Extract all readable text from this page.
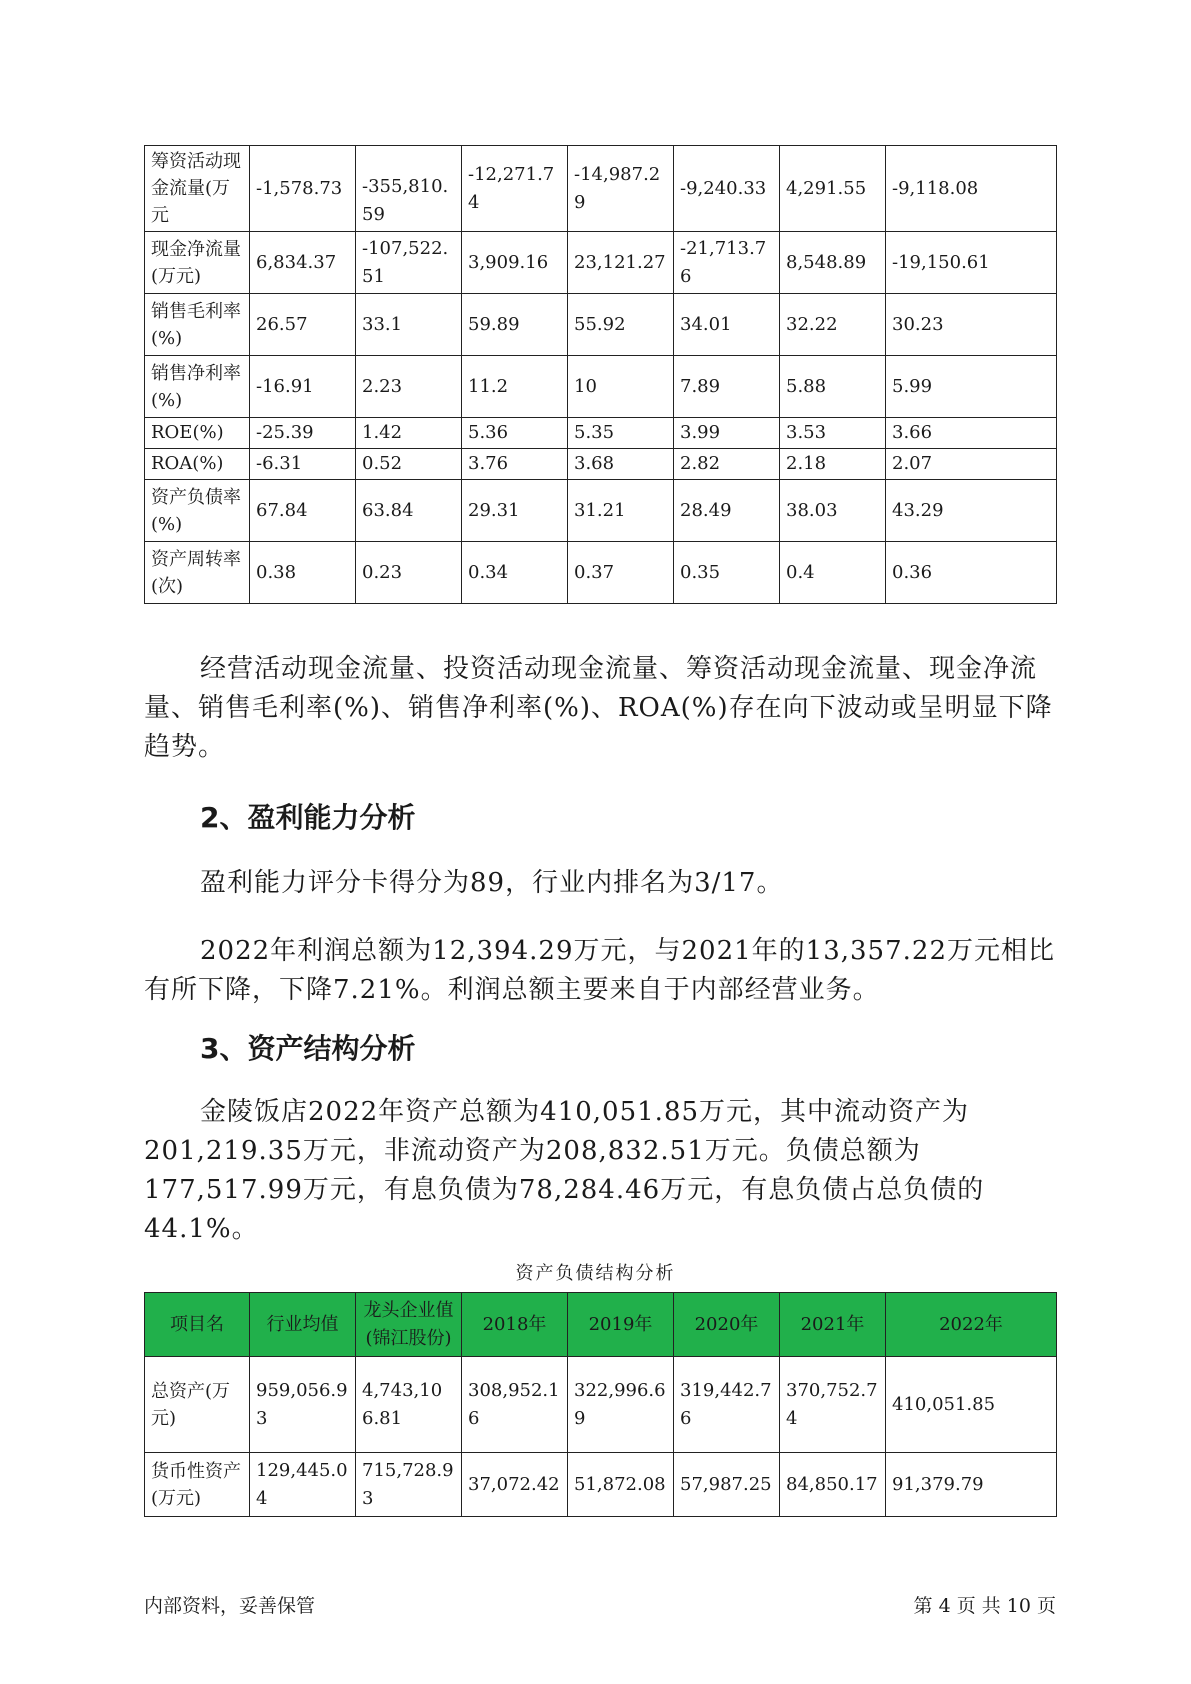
筹资活动现金流量(万元	-1,578.73	-355,810.59	-12,271.74	-14,987.29	-9,240.33	4,291.55	-9,118.08
现金净流量(万元)	6,834.37	-107,522.51	3,909.16	23,121.27	-21,713.76	8,548.89	-19,150.61
销售毛利率(%)	26.57	33.1	59.89	55.92	34.01	32.22	30.23
销售净利率(%)	-16.91	2.23	11.2	10	7.89	5.88	5.99
ROE(%)	-25.39	1.42	5.36	5.35	3.99	3.53	3.66
ROA(%)	-6.31	0.52	3.76	3.68	2.82	2.18	2.07
资产负债率(%)	67.84	63.84	29.31	31.21	28.49	38.03	43.29
资产周转率(次)	0.38	0.23	0.34	0.37	0.35	0.4	0.36

经营活动现金流量、投资活动现金流量、筹资活动现金流量、现金净流量、销售毛利率(%)、销售净利率(%)、ROA(%)存在向下波动或呈明显下降趋势。

2、盈利能力分析

盈利能力评分卡得分为89，行业内排名为3/17。

2022年利润总额为12,394.29万元，与2021年的13,357.22万元相比有所下降，下降7.21%。利润总额主要来自于内部经营业务。

3、资产结构分析

金陵饭店2022年资产总额为410,051.85万元，其中流动资产为201,219.35万元，非流动资产为208,832.51万元。负债总额为177,517.99万元，有息负债为78,284.46万元，有息负债占总负债的44.1%。

资产负债结构分析
项目名	行业均值	龙头企业值(锦江股份)	2018年	2019年	2020年	2021年	2022年
总资产(万元)	959,056.93	4,743,106.81	308,952.16	322,996.69	319,442.76	370,752.74	410,051.85
货币性资产(万元)	129,445.04	715,728.93	37,072.42	51,872.08	57,987.25	84,850.17	91,379.79
内部资料，妥善保管	第 4 页 共 10 页
